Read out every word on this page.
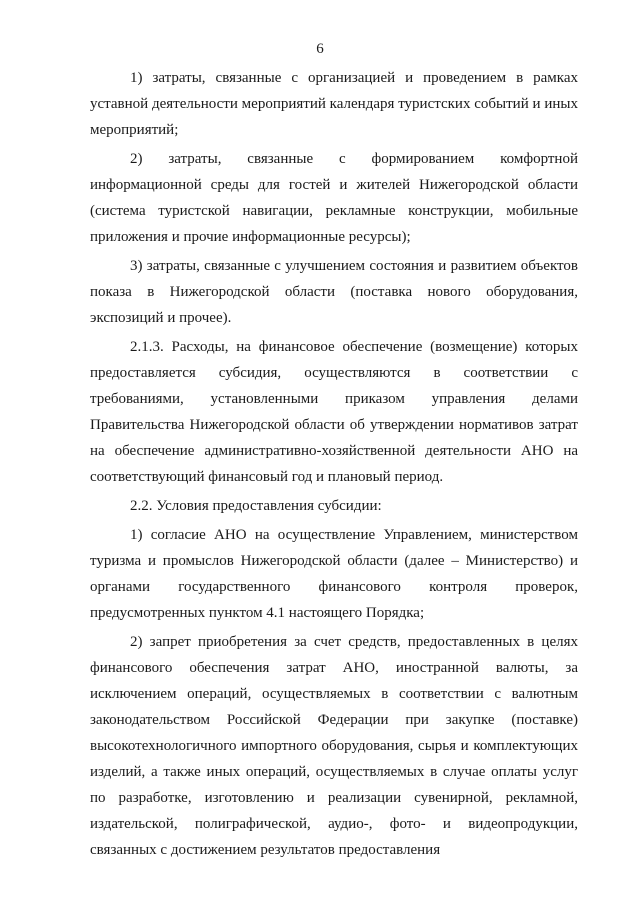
6

1) затраты, связанные с организацией и проведением в рамках уставной деятельности мероприятий календаря туристских событий и иных мероприятий;

2) затраты, связанные с формированием комфортной информационной среды для гостей и жителей Нижегородской области (система туристской навигации, рекламные конструкции, мобильные приложения и прочие информационные ресурсы);

3) затраты, связанные с улучшением состояния и развитием объектов показа в Нижегородской области (поставка нового оборудования, экспозиций и прочее).

2.1.3. Расходы, на финансовое обеспечение (возмещение) которых предоставляется субсидия, осуществляются в соответствии с требованиями, установленными приказом управления делами Правительства Нижегородской области об утверждении нормативов затрат на обеспечение административно-хозяйственной деятельности АНО на соответствующий финансовый год и плановый период.

2.2. Условия предоставления субсидии:

1) согласие АНО на осуществление Управлением, министерством туризма и промыслов Нижегородской области (далее – Министерство) и органами государственного финансового контроля проверок, предусмотренных пунктом 4.1 настоящего Порядка;

2) запрет приобретения за счет средств, предоставленных в целях финансового обеспечения затрат АНО, иностранной валюты, за исключением операций, осуществляемых в соответствии с валютным законодательством Российской Федерации при закупке (поставке) высокотехнологичного импортного оборудования, сырья и комплектующих изделий, а также иных операций, осуществляемых в случае оплаты услуг по разработке, изготовлению и реализации сувенирной, рекламной, издательской, полиграфической, аудио-, фото- и видеопродукции, связанных с достижением результатов предоставления
